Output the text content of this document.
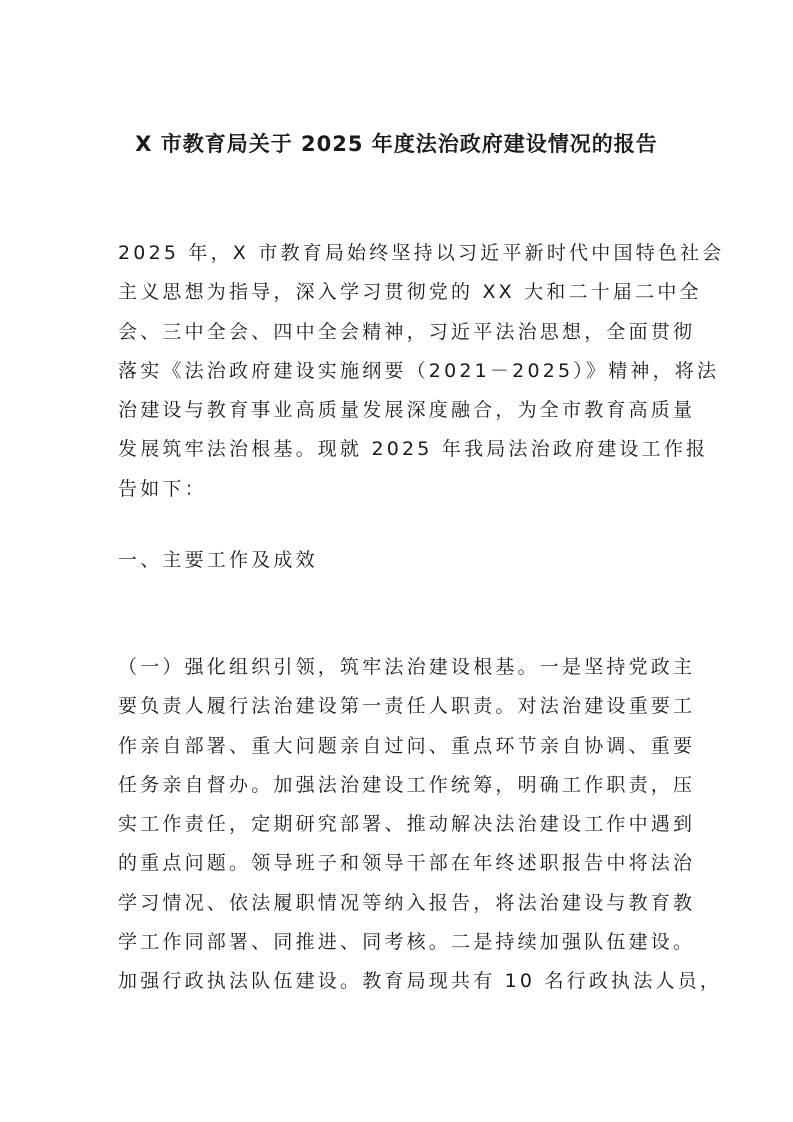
X 市教育局关于 2025 年度法治政府建设情况的报告

2025 年，X 市教育局始终坚持以习近平新时代中国特色社会
主义思想为指导，深入学习贯彻党的 XX 大和二十届二中全
会、三中全会、四中全会精神，习近平法治思想，全面贯彻
落实《法治政府建设实施纲要（2021－2025）》精神，将法
治建设与教育事业高质量发展深度融合，为全市教育高质量
发展筑牢法治根基。现就 2025 年我局法治政府建设工作报
告如下：

一、主要工作及成效

（一）强化组织引领，筑牢法治建设根基。一是坚持党政主
要负责人履行法治建设第一责任人职责。对法治建设重要工
作亲自部署、重大问题亲自过问、重点环节亲自协调、重要
任务亲自督办。加强法治建设工作统筹，明确工作职责，压
实工作责任，定期研究部署、推动解决法治建设工作中遇到
的重点问题。领导班子和领导干部在年终述职报告中将法治
学习情况、依法履职情况等纳入报告，将法治建设与教育教
学工作同部署、同推进、同考核。二是持续加强队伍建设。
加强行政执法队伍建设。教育局现共有 10 名行政执法人员，
